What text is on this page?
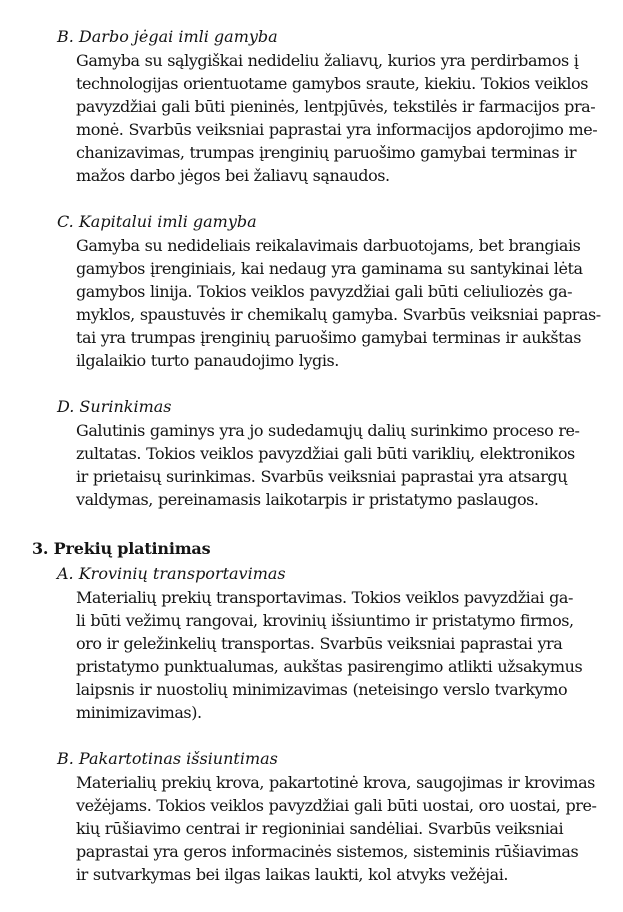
B. Darbo jėgai imli gamyba
Gamyba su sąlygiškai nedideliu žaliavų, kurios yra perdirbamos į
technologijas orientuotame gamybos sraute, kiekiu. Tokios veiklos
pavyzdžiai gali būti pieninės, lentpjūvės, tekstilės ir farmacijos pra-
monė. Svarbūs veiksniai paprastai yra informacijos apdorojimo me-
chanizavimas, trumpas įrenginių paruošimo gamybai terminas ir
mažos darbo jėgos bei žaliavų sąnaudos.
C. Kapitalui imli gamyba
Gamyba su nedideliais reikalavimais darbuotojams, bet brangiais
gamybos įrenginiais, kai nedaug yra gaminama su santykinai lėta
gamybos linija. Tokios veiklos pavyzdžiai gali būti celiuliozės ga-
myklos, spaustuvės ir chemikalų gamyba. Svarbūs veiksniai papras-
tai yra trumpas įrenginių paruošimo gamybai terminas ir aukštas
ilgalaikio turto panaudojimo lygis.
D. Surinkimas
Galutinis gaminys yra jo sudedamųjų dalių surinkimo proceso re-
zultatas. Tokios veiklos pavyzdžiai gali būti variklių, elektronikos
ir prietaisų surinkimas. Svarbūs veiksniai paprastai yra atsargų
valdymas, pereinamasis laikotarpis ir pristatymo paslaugos.
3. Prekių platinimas
A. Krovinių transportavimas
Materialių prekių transportavimas. Tokios veiklos pavyzdžiai ga-
li būti vežimų rangovai, krovinių išsiuntimo ir pristatymo firmos,
oro ir geležinkelių transportas. Svarbūs veiksniai paprastai yra
pristatymo punktualumas, aukštas pasirengimo atlikti užsakymus
laipsnis ir nuostolių minimizavimas (neteisingo verslo tvarkymo
minimizavimas).
B. Pakartotinas išsiuntimas
Materialių prekių krova, pakartotinė krova, saugojimas ir krovimas
vežėjams. Tokios veiklos pavyzdžiai gali būti uostai, oro uostai, pre-
kių rūšiavimo centrai ir regioniniai sandėliai. Svarbūs veiksniai
paprastai yra geros informacinės sistemos, sisteminis rūšiavimas
ir sutvarkymas bei ilgas laikas laukti, kol atvyks vežėjai.
